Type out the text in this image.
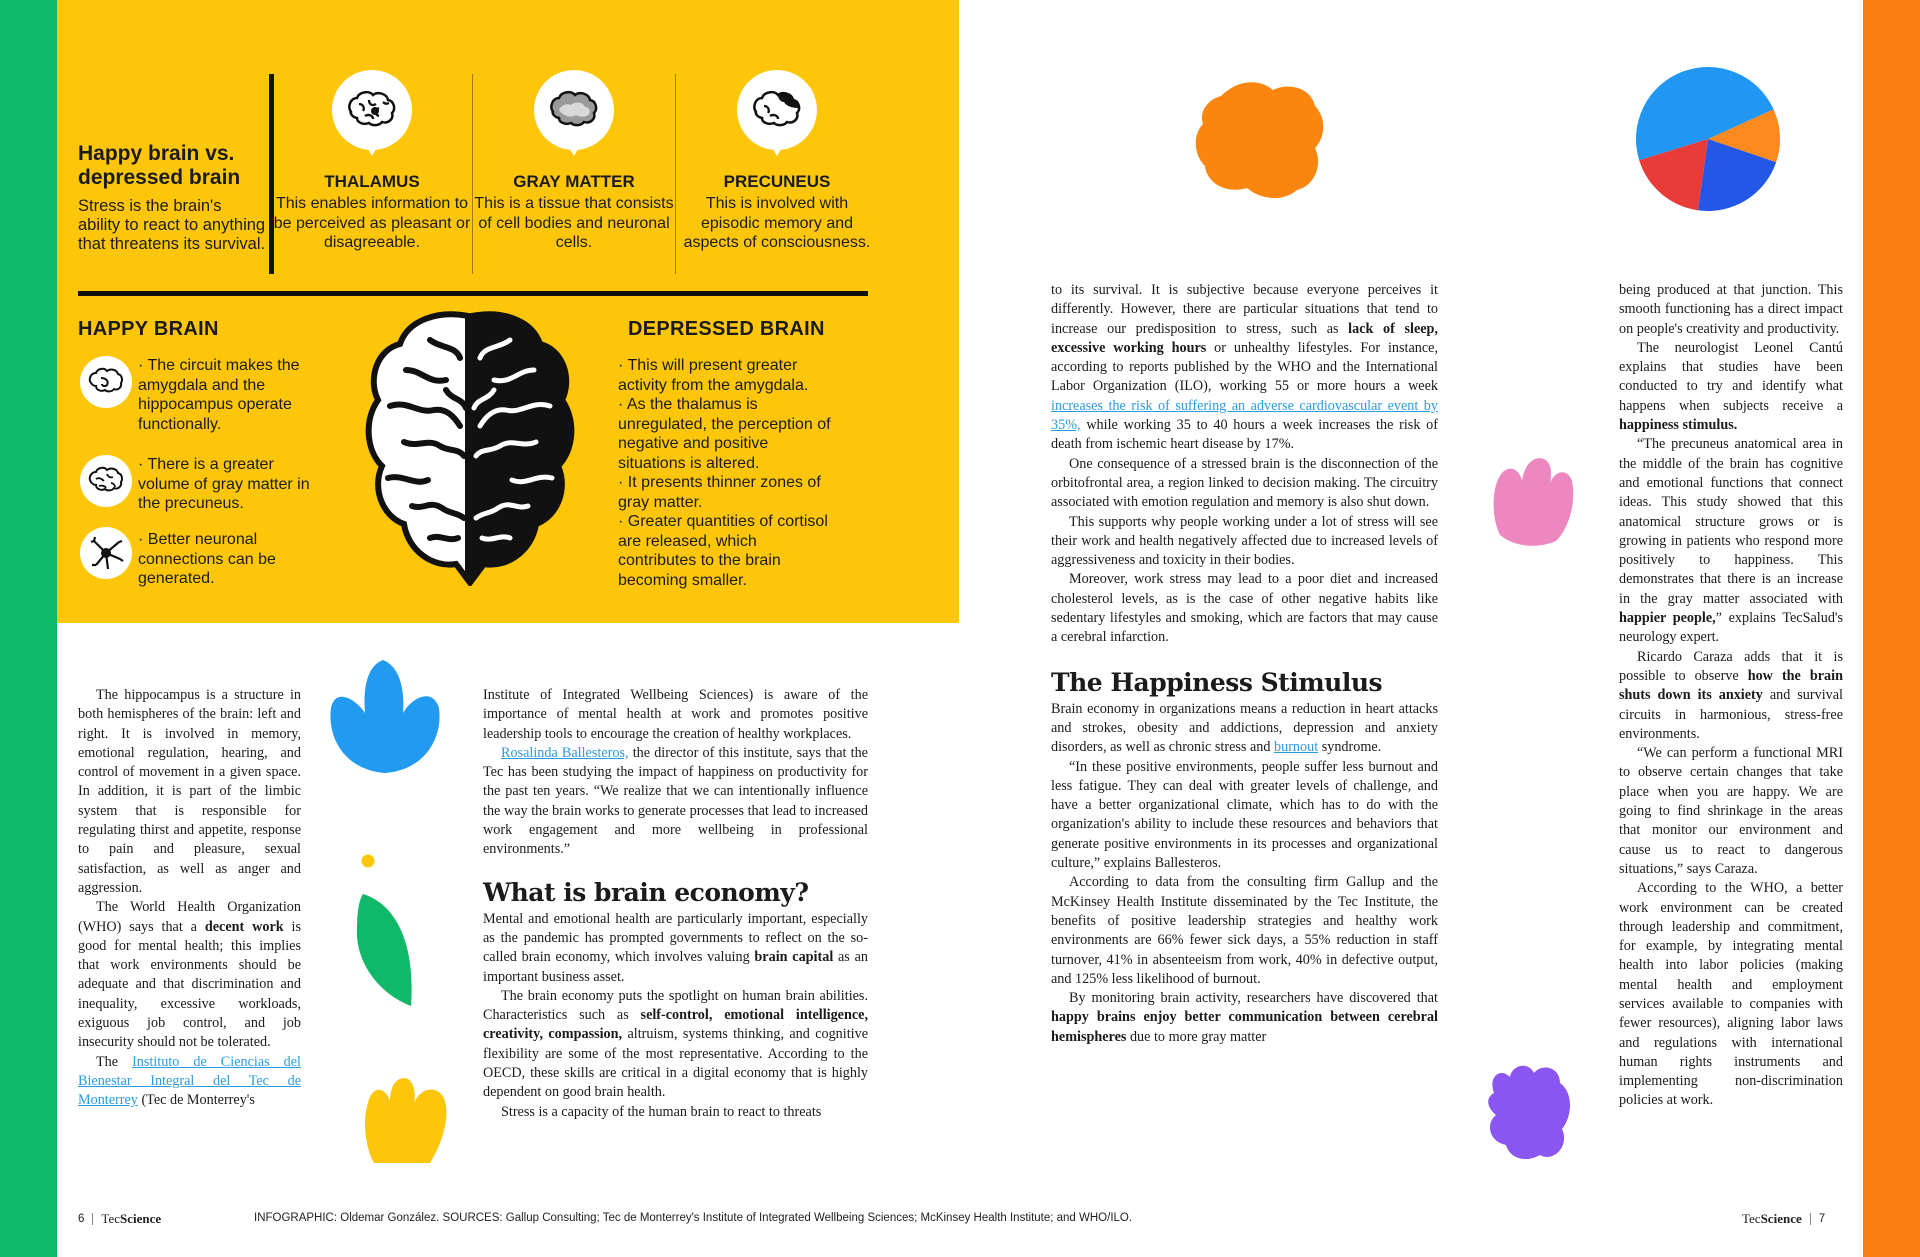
Happy brain vs. depressed brain
Stress is the brain's ability to react to anything that threatens its survival.
THALAMUS

This enables information to be perceived as pleasant or disagreeable.

GRAY MATTER

This is a tissue that consists of cell bodies and neuronal cells.

PRECUNEUS

This is involved with episodic memory and aspects of consciousness.

HAPPY BRAIN
· The circuit makes the amygdala and the hippocampus operate functionally.
· There is a greater volume of gray matter in the precuneus.
· Better neuronal connections can be generated.
DEPRESSED BRAIN
· This will present greater activity from the amygdala.
· As the thalamus is unregulated, the perception of negative and positive situations is altered.
· It presents thinner zones of gray matter.
· Greater quantities of cortisol are released, which contributes to the brain becoming smaller.

The hippocampus is a structure in both hemispheres of the brain: left and right. It is involved in memory, emotional regulation, hearing, and control of movement in a given space. In addition, it is part of the limbic system that is responsible for regulating thirst and appetite, response to pain and pleasure, sexual satisfaction, as well as anger and aggression.

The World Health Organization (WHO) says that a decent work is good for mental health; this implies that work environments should be adequate and that discrimination and inequality, excessive workloads, exiguous job control, and job insecurity should not be tolerated.

The Instituto de Ciencias del Bienestar Integral del Tec de Monterrey (Tec de Monterrey's

Institute of Integrated Wellbeing Sciences) is aware of the importance of mental health at work and promotes positive leadership tools to encourage the creation of healthy workplaces.

Rosalinda Ballesteros, the director of this institute, says that the Tec has been studying the impact of happiness on productivity for the past ten years. “We realize that we can intentionally influence the way the brain works to generate processes that lead to increased work engagement and more wellbeing in professional environments.”

What is brain economy?

Mental and emotional health are particularly important, especially as the pandemic has prompted governments to reflect on the so-called brain economy, which involves valuing brain capital as an important business asset.

The brain economy puts the spotlight on human brain abilities. Characteristics such as self-control, emotional intelligence, creativity, compassion, altruism, systems thinking, and cognitive flexibility are some of the most representative. According to the OECD, these skills are critical in a digital economy that is highly dependent on good brain health.

Stress is a capacity of the human brain to react to threats

to its survival. It is subjective because everyone perceives it differently. However, there are particular situations that tend to increase our predisposition to stress, such as lack of sleep, excessive working hours or unhealthy lifestyles. For instance, according to reports published by the WHO and the International Labor Organization (ILO), working 55 or more hours a week increases the risk of suffering an adverse cardiovascular event by 35%, while working 35 to 40 hours a week increases the risk of death from ischemic heart disease by 17%.

One consequence of a stressed brain is the disconnection of the orbitofrontal area, a region linked to decision making. The circuitry associated with emotion regulation and memory is also shut down.

This supports why people working under a lot of stress will see their work and health negatively affected due to increased levels of aggressiveness and toxicity in their bodies.

Moreover, work stress may lead to a poor diet and increased cholesterol levels, as is the case of other negative habits like sedentary lifestyles and smoking, which are factors that may cause a cerebral infarction.

The Happiness Stimulus

Brain economy in organizations means a reduction in heart attacks and strokes, obesity and addictions, depression and anxiety disorders, as well as chronic stress and burnout syndrome.

“In these positive environments, people suffer less burnout and less fatigue. They can deal with greater levels of challenge, and have a better organizational climate, which has to do with the organization's ability to include these resources and behaviors that generate positive environments in its processes and organizational culture,” explains Ballesteros.

According to data from the consulting firm Gallup and the McKinsey Health Institute disseminated by the Tec Institute, the benefits of positive leadership strategies and healthy work environments are 66% fewer sick days, a 55% reduction in staff turnover, 41% in absenteeism from work, 40% in defective output, and 125% less likelihood of burnout.

By monitoring brain activity, researchers have discovered that happy brains enjoy better communication between cerebral hemispheres due to more gray matter

being produced at that junction. This smooth functioning has a direct impact on people's creativity and productivity.

The neurologist Leonel Cantú explains that studies have been conducted to try and identify what happens when subjects receive a happiness stimulus.

“The precuneus anatomical area in the middle of the brain has cognitive and emotional functions that connect ideas. This study showed that this anatomical structure grows or is growing in patients who respond more positively to happiness. This demonstrates that there is an increase in the gray matter associated with happier people,” explains TecSalud's neurology expert.

Ricardo Caraza adds that it is possible to observe how the brain shuts down its anxiety and survival circuits in harmonious, stress-free environments.

“We can perform a functional MRI to observe certain changes that take place when you are happy. We are going to find shrinkage in the areas that monitor our environment and cause us to react to dangerous situations,” says Caraza.

According to the WHO, a better work environment can be created through leadership and commitment, for example, by integrating mental health into labor policies (making mental health and employment services available to companies with fewer resources), aligning labor laws and regulations with international human rights instruments and implementing non-discrimination policies at work.

6 TecScience	INFOGRAPHIC: Oldemar González. SOURCES: Gallup Consulting; Tec de Monterrey's Institute of Integrated Wellbeing Sciences; McKinsey Health Institute; and WHO/ILO.	TecScience 7
